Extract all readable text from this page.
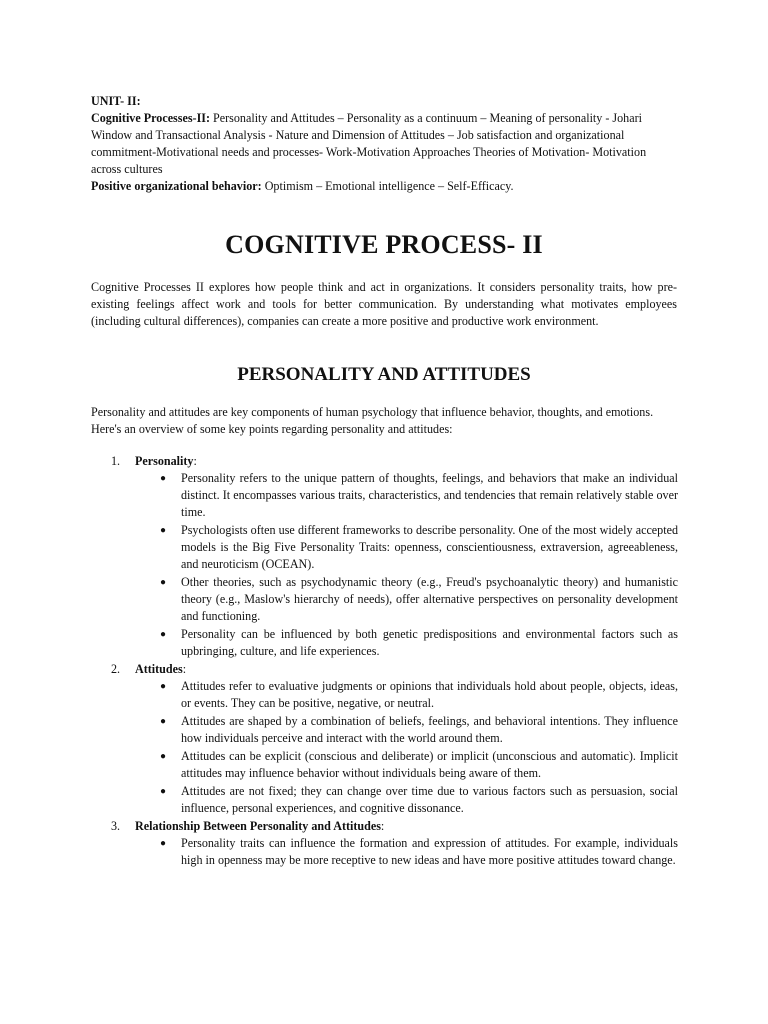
UNIT- II:

Cognitive Processes-II: Personality and Attitudes – Personality as a continuum – Meaning of personality - Johari Window and Transactional Analysis - Nature and Dimension of Attitudes – Job satisfaction and organizational commitment-Motivational needs and processes- Work-Motivation Approaches Theories of Motivation- Motivation across cultures

Positive organizational behavior: Optimism – Emotional intelligence – Self-Efficacy.

COGNITIVE PROCESS- II

Cognitive Processes II explores how people think and act in organizations. It considers personality traits, how pre-existing feelings affect work and tools for better communication. By understanding what motivates employees (including cultural differences), companies can create a more positive and productive work environment.

PERSONALITY AND ATTITUDES

Personality and attitudes are key components of human psychology that influence behavior, thoughts, and emotions. Here's an overview of some key points regarding personality and attitudes:

1. Personality:
● Personality refers to the unique pattern of thoughts, feelings, and behaviors that make an individual distinct. It encompasses various traits, characteristics, and tendencies that remain relatively stable over time.
● Psychologists often use different frameworks to describe personality. One of the most widely accepted models is the Big Five Personality Traits: openness, conscientiousness, extraversion, agreeableness, and neuroticism (OCEAN).
● Other theories, such as psychodynamic theory (e.g., Freud's psychoanalytic theory) and humanistic theory (e.g., Maslow's hierarchy of needs), offer alternative perspectives on personality development and functioning.
● Personality can be influenced by both genetic predispositions and environmental factors such as upbringing, culture, and life experiences.
2. Attitudes:
● Attitudes refer to evaluative judgments or opinions that individuals hold about people, objects, ideas, or events. They can be positive, negative, or neutral.
● Attitudes are shaped by a combination of beliefs, feelings, and behavioral intentions. They influence how individuals perceive and interact with the world around them.
● Attitudes can be explicit (conscious and deliberate) or implicit (unconscious and automatic). Implicit attitudes may influence behavior without individuals being aware of them.
● Attitudes are not fixed; they can change over time due to various factors such as persuasion, social influence, personal experiences, and cognitive dissonance.
3. Relationship Between Personality and Attitudes:
● Personality traits can influence the formation and expression of attitudes. For example, individuals high in openness may be more receptive to new ideas and have more positive attitudes toward change.
